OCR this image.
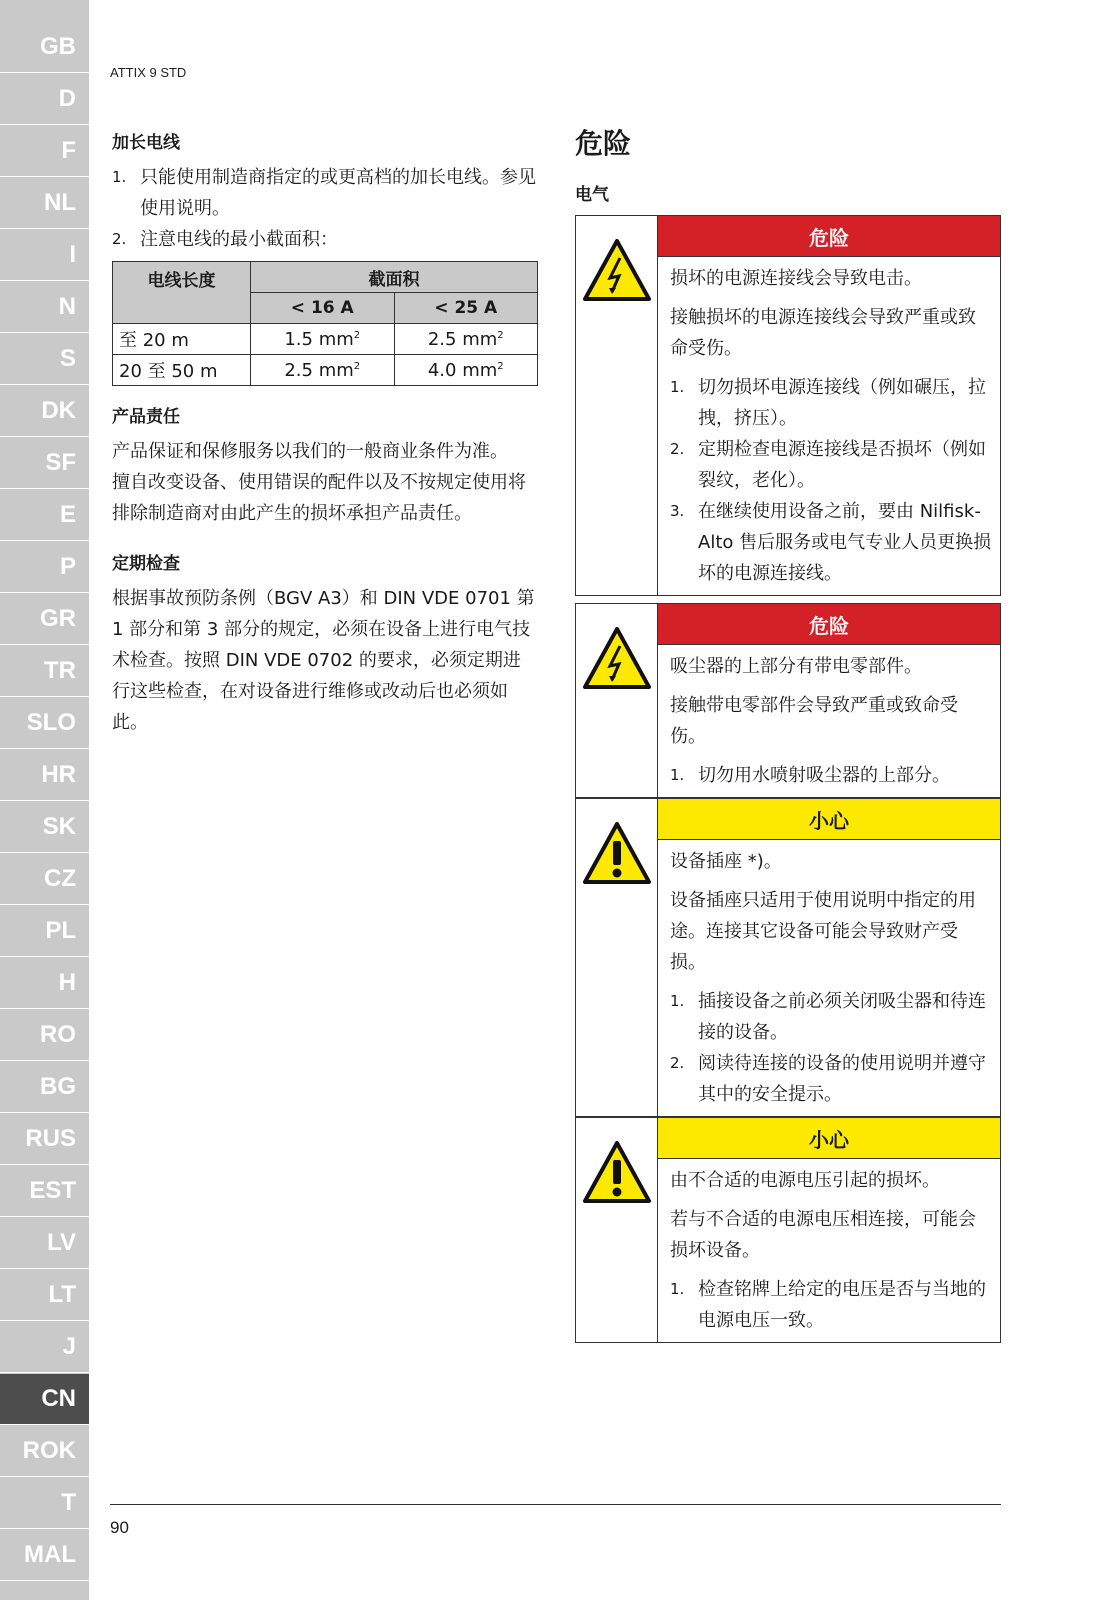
GB
D
F
NL
I
N
S
DK
SF
E
P
GR
TR
SLO
HR
SK
CZ
PL
H
RO
BG
RUS
EST
LV
LT
J
CN
ROK
T
MAL
ATTIX 9 STD
加长电线
1. 只能使用制造商指定的或更高档的加长电线。参见使用说明。
2. 注意电线的最小截面积：
电线长度	截面积	
	< 16 A	< 25 A
至 20 m	1.5 $mm^2$	2.5 $mm^2$
20 至 50 m	2.5 $mm^2$	4.0 $mm^2$
产品责任

产品保证和保修服务以我们的一般商业条件为准。

擅自改变设备、使用错误的配件以及不按规定使用将排除制造商对由此产生的损坏承担产品责任。

定期检查

根据事故预防条例（BGV A3）和 DIN VDE 0701 第 1 部分和第 3 部分的规定，必须在设备上进行电气技术检查。按照 DIN VDE 0702 的要求，必须定期进行这些检查，在对设备进行维修或改动后也必须如此。

危险
电气
危险

损坏的电源连接线会导致电击。

接触损坏的电源连接线会导致严重或致命受伤。

1. 切勿损坏电源连接线（例如碾压，拉拽，挤压）。
2. 定期检查电源连接线是否损坏（例如裂纹，老化）。
3. 在继续使用设备之前，要由 Nilfisk-Alto 售后服务或电气专业人员更换损坏的电源连接线。
危险

吸尘器的上部分有带电零部件。

接触带电零部件会导致严重或致命受伤。

1. 切勿用水喷射吸尘器的上部分。
小心

设备插座 *)。

设备插座只适用于使用说明中指定的用途。连接其它设备可能会导致财产受损。

1. 插接设备之前必须关闭吸尘器和待连接的设备。
2. 阅读待连接的设备的使用说明并遵守其中的安全提示。
小心

由不合适的电源电压引起的损坏。

若与不合适的电源电压相连接，可能会损坏设备。

1. 检查铭牌上给定的电压是否与当地的电源电压一致。
90
